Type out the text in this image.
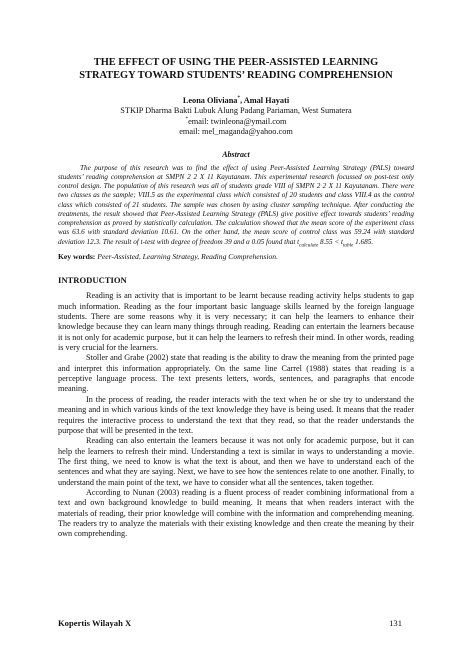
THE EFFECT OF USING THE PEER-ASSISTED LEARNING
STRATEGY TOWARD STUDENTS’ READING COMPREHENSION
Leona Oliviana*, Amal Hayati
STKIP Dharma Bakti Lubuk Alung Padang Pariaman, West Sumatera
*email: twinleona@ymail.com
email: mel_maganda@yahoo.com
Abstract

The purpose of this research was to find the effect of using Peer-Assisted Learning Strategy (PALS) toward students’ reading comprehension at SMPN 2 2 X 11 Kayutanam. This experimental research focussed on post-test only control design. The population of this research was all of students grade VIII of SMPN 2 2 X 11 Kayutanam. There were two classes as the sample; VIII.5 as the experimental class which consisted of 20 students and class VIII.4 as the control class which consisted of 21 students. The sample was chosen by using cluster sampling technique. After conducting the treatments, the result showed that Peer-Assisted Learning Strategy (PALS) give positive effect towards students’ reading comprehension as proved by statistically calculation. The calculation showed that the mean score of the experiment class was 63.6 with standard deviation 10.61. On the other hand, the mean score of control class was 59.24 with standard deviation 12.3. The result of t-test with degree of freedom 39 and α 0.05 found that $t_{calculate}$ $8.55 < t_{table}$ 1.685.

Key words: Peer-Assisted, Learning Strategy, Reading Comprehension.
INTRODUCTION

Reading is an activity that is important to be learnt because reading activity helps students to gap much information. Reading as the four important basic language skills learned by the foreign language students. There are some reasons why it is very necessary; it can help the learners to enhance their knowledge because they can learn many things through reading. Reading can entertain the learners because it is not only for academic purpose, but it can help the learners to refresh their mind. In other words, reading is very crucial for the learners.

Stoller and Grabe (2002) state that reading is the ability to draw the meaning from the printed page and interpret this information appropriately. On the same line Carrel (1988) states that reading is a perceptive language process. The text presents letters, words, sentences, and paragraphs that encode meaning.

In the process of reading, the reader interacts with the text when he or she try to understand the meaning and in which various kinds of the text knowledge they have is being used. It means that the reader requires the interactive process to understand the text that they read, so that the reader understands the purpose that will be presented in the text.

Reading can also entertain the learners because it was not only for academic purpose, but it can help the learners to refresh their mind. Understanding a text is similar in ways to understanding a movie. The first thing, we need to know is what the text is about, and then we have to understand each of the sentences and what they are saying. Next, we have to see how the sentences relate to one another. Finally, to understand the main point of the text, we have to consider what all the sentences, taken together.

According to Nunan (2003) reading is a fluent process of reader combining informational from a text and own background knowledge to build meaning. It means that when readers interact with the materials of reading, their prior knowledge will combine with the information and comprehending meaning. The readers try to analyze the materials with their existing knowledge and then create the meaning by their own comprehending.

Kopertis Wilayah X	131
